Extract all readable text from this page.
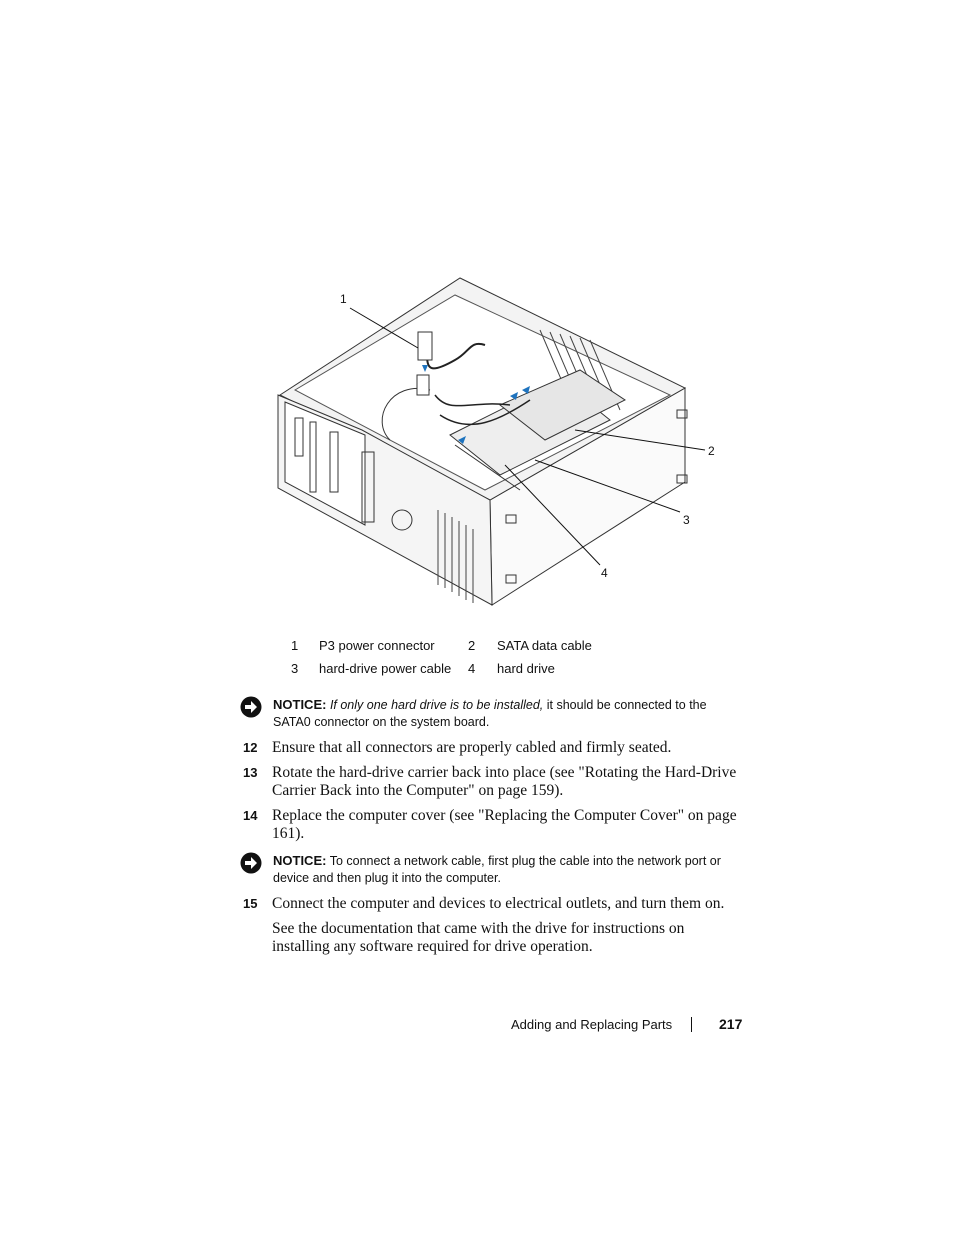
1
2
3
4
1 P3 power connector	2 SATA data cable
3 hard-drive power cable 4 hard drive
NOTICE: If only one hard drive is to be installed, it should be connected to the SATA0 connector on the system board.
12 Ensure that all connectors are properly cabled and firmly seated.
13 Rotate the hard-drive carrier back into place (see "Rotating the Hard-Drive Carrier Back into the Computer" on page 159).
14 Replace the computer cover (see "Replacing the Computer Cover" on page 161).
NOTICE: To connect a network cable, first plug the cable into the network port or device and then plug it into the computer.
15 Connect the computer and devices to electrical outlets, and turn them on.
See the documentation that came with the drive for instructions on installing any software required for drive operation.
Adding and Replacing Parts	217
